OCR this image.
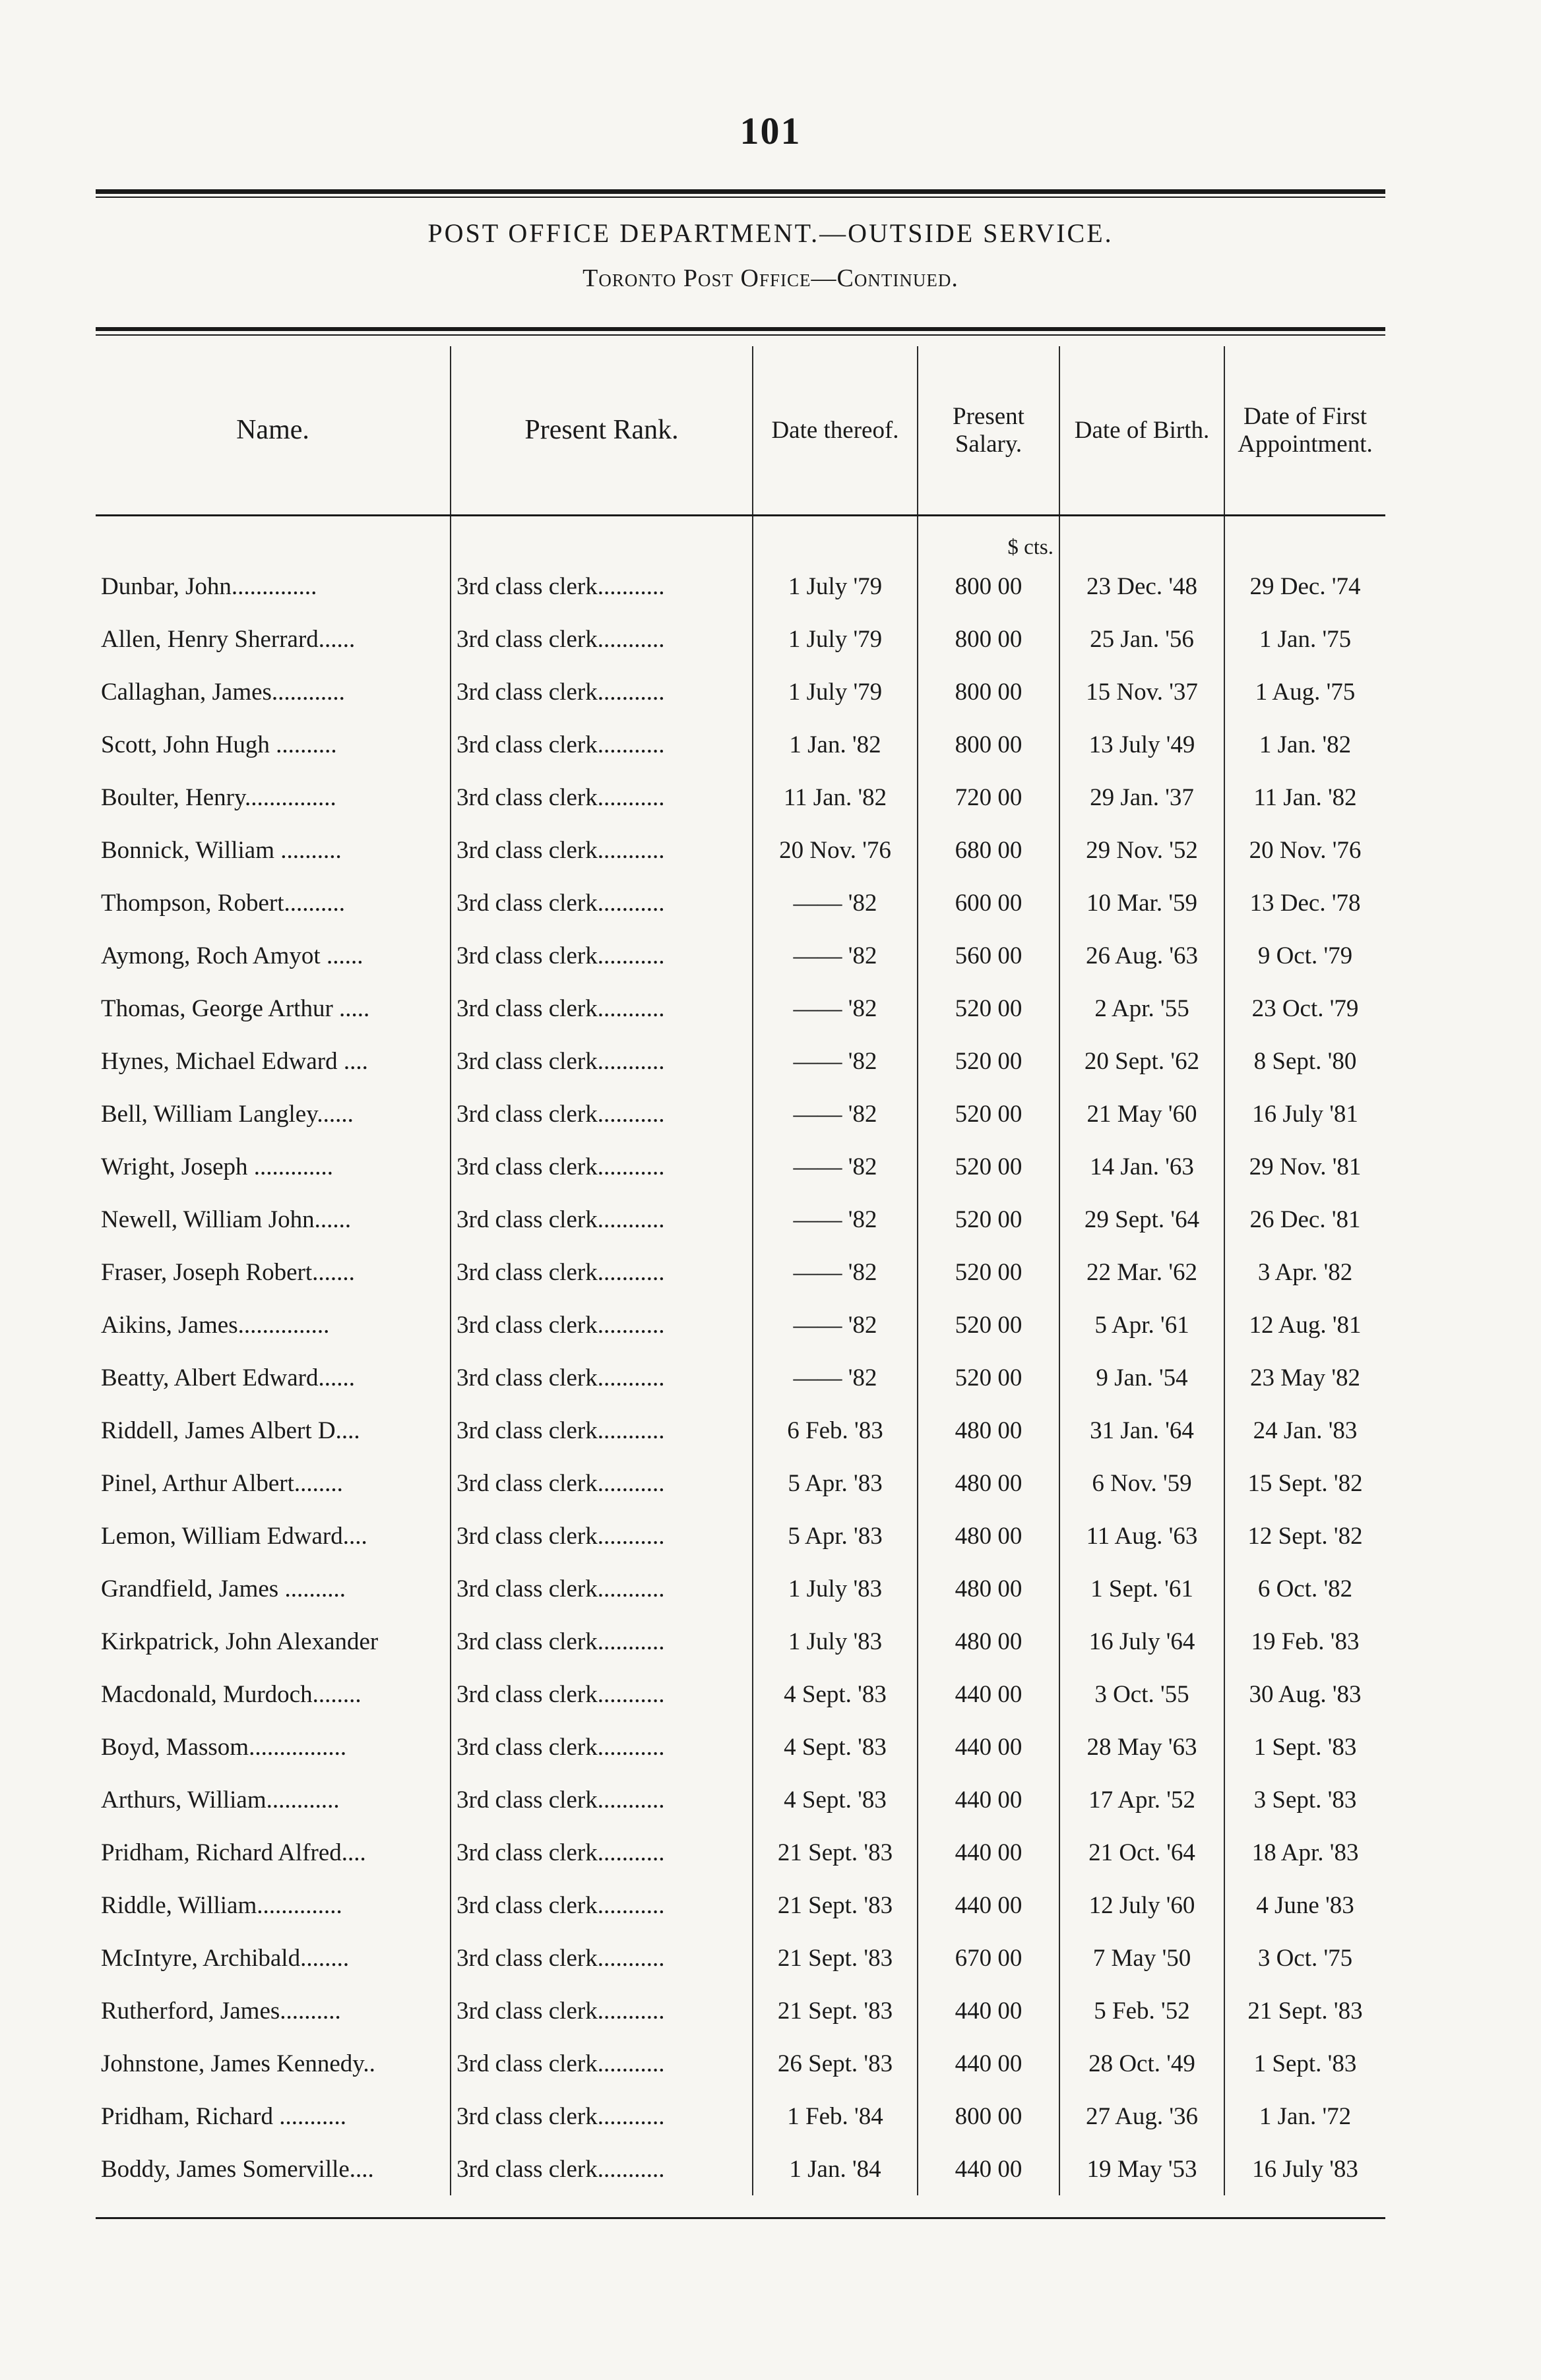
101
POST OFFICE DEPARTMENT.—OUTSIDE SERVICE.
Toronto Post Office—Continued.
Name.	Present Rank.	Date thereof.	Present Salary.	Date of Birth.	Date of First Appointment.
			$ cts.		
Dunbar, John..............	3rd class clerk...........	1 July '79	800 00	23 Dec. '48	29 Dec. '74
Allen, Henry Sherrard......	3rd class clerk...........	1 July '79	800 00	25 Jan. '56	1 Jan. '75
Callaghan, James............	3rd class clerk...........	1 July '79	800 00	15 Nov. '37	1 Aug. '75
Scott, John Hugh ..........	3rd class clerk...........	1 Jan. '82	800 00	13 July '49	1 Jan. '82
Boulter, Henry...............	3rd class clerk...........	11 Jan. '82	720 00	29 Jan. '37	11 Jan. '82
Bonnick, William ..........	3rd class clerk...........	20 Nov. '76	680 00	29 Nov. '52	20 Nov. '76
Thompson, Robert..........	3rd class clerk...........	—— '82	600 00	10 Mar. '59	13 Dec. '78
Aymong, Roch Amyot ......	3rd class clerk...........	—— '82	560 00	26 Aug. '63	9 Oct. '79
Thomas, George Arthur .....	3rd class clerk...........	—— '82	520 00	2 Apr. '55	23 Oct. '79
Hynes, Michael Edward ....	3rd class clerk...........	—— '82	520 00	20 Sept. '62	8 Sept. '80
Bell, William Langley......	3rd class clerk...........	—— '82	520 00	21 May '60	16 July '81
Wright, Joseph .............	3rd class clerk...........	—— '82	520 00	14 Jan. '63	29 Nov. '81
Newell, William John......	3rd class clerk...........	—— '82	520 00	29 Sept. '64	26 Dec. '81
Fraser, Joseph Robert.......	3rd class clerk...........	—— '82	520 00	22 Mar. '62	3 Apr. '82
Aikins, James...............	3rd class clerk...........	—— '82	520 00	5 Apr. '61	12 Aug. '81
Beatty, Albert Edward......	3rd class clerk...........	—— '82	520 00	9 Jan. '54	23 May '82
Riddell, James Albert D....	3rd class clerk...........	6 Feb. '83	480 00	31 Jan. '64	24 Jan. '83
Pinel, Arthur Albert........	3rd class clerk...........	5 Apr. '83	480 00	6 Nov. '59	15 Sept. '82
Lemon, William Edward....	3rd class clerk...........	5 Apr. '83	480 00	11 Aug. '63	12 Sept. '82
Grandfield, James ..........	3rd class clerk...........	1 July '83	480 00	1 Sept. '61	6 Oct. '82
Kirkpatrick, John Alexander	3rd class clerk...........	1 July '83	480 00	16 July '64	19 Feb. '83
Macdonald, Murdoch........	3rd class clerk...........	4 Sept. '83	440 00	3 Oct. '55	30 Aug. '83
Boyd, Massom................	3rd class clerk...........	4 Sept. '83	440 00	28 May '63	1 Sept. '83
Arthurs, William............	3rd class clerk...........	4 Sept. '83	440 00	17 Apr. '52	3 Sept. '83
Pridham, Richard Alfred....	3rd class clerk...........	21 Sept. '83	440 00	21 Oct. '64	18 Apr. '83
Riddle, William..............	3rd class clerk...........	21 Sept. '83	440 00	12 July '60	4 June '83
McIntyre, Archibald........	3rd class clerk...........	21 Sept. '83	670 00	7 May '50	3 Oct. '75
Rutherford, James..........	3rd class clerk...........	21 Sept. '83	440 00	5 Feb. '52	21 Sept. '83
Johnstone, James Kennedy..	3rd class clerk...........	26 Sept. '83	440 00	28 Oct. '49	1 Sept. '83
Pridham, Richard ...........	3rd class clerk...........	1 Feb. '84	800 00	27 Aug. '36	1 Jan. '72
Boddy, James Somerville....	3rd class clerk...........	1 Jan. '84	440 00	19 May '53	16 July '83
